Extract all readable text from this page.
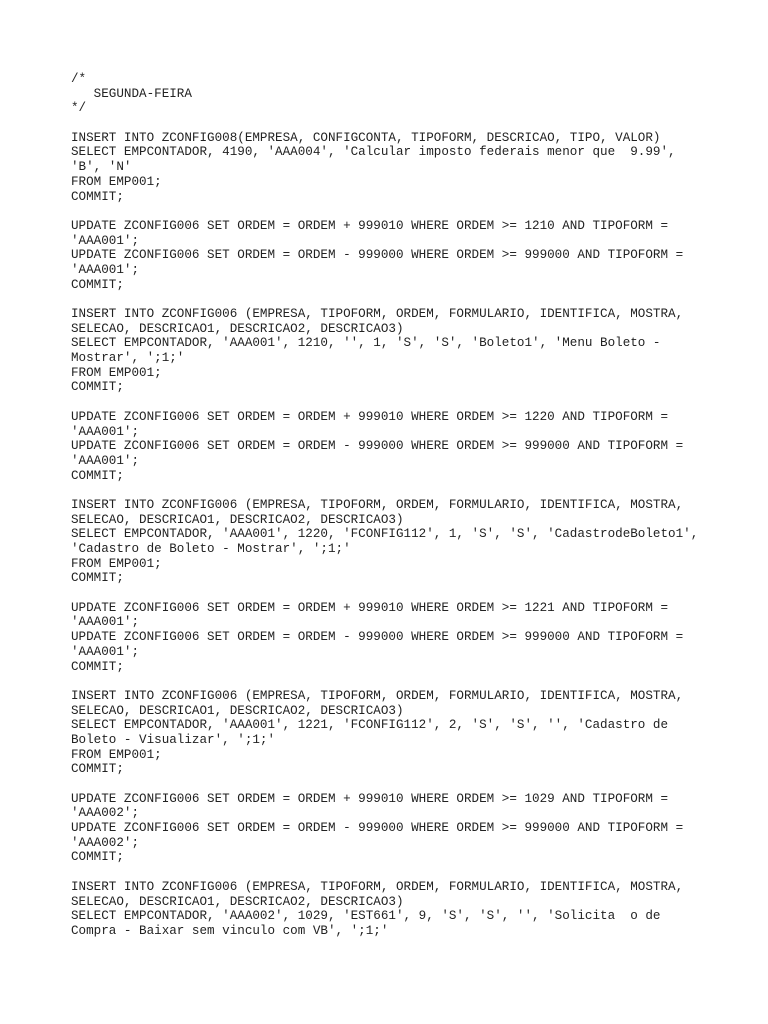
/*
SEGUNDA-FEIRA
*/
INSERT INTO ZCONFIG008(EMPRESA, CONFIGCONTA, TIPOFORM, DESCRICAO, TIPO, VALOR)
SELECT EMPCONTADOR, 4190, 'AAA004', 'Calcular imposto federais menor que  9.99',
'B', 'N'
FROM EMP001;
COMMIT;
UPDATE ZCONFIG006 SET ORDEM = ORDEM + 999010 WHERE ORDEM >= 1210 AND TIPOFORM =
'AAA001';
UPDATE ZCONFIG006 SET ORDEM = ORDEM - 999000 WHERE ORDEM >= 999000 AND TIPOFORM =
'AAA001';
COMMIT;
INSERT INTO ZCONFIG006 (EMPRESA, TIPOFORM, ORDEM, FORMULARIO, IDENTIFICA, MOSTRA,
SELECAO, DESCRICAO1, DESCRICAO2, DESCRICAO3)
SELECT EMPCONTADOR, 'AAA001', 1210, '', 1, 'S', 'S', 'Boleto1', 'Menu Boleto -
Mostrar', ';1;'
FROM EMP001;
COMMIT;
UPDATE ZCONFIG006 SET ORDEM = ORDEM + 999010 WHERE ORDEM >= 1220 AND TIPOFORM =
'AAA001';
UPDATE ZCONFIG006 SET ORDEM = ORDEM - 999000 WHERE ORDEM >= 999000 AND TIPOFORM =
'AAA001';
COMMIT;
INSERT INTO ZCONFIG006 (EMPRESA, TIPOFORM, ORDEM, FORMULARIO, IDENTIFICA, MOSTRA,
SELECAO, DESCRICAO1, DESCRICAO2, DESCRICAO3)
SELECT EMPCONTADOR, 'AAA001', 1220, 'FCONFIG112', 1, 'S', 'S', 'CadastrodeBoleto1',
'Cadastro de Boleto - Mostrar', ';1;'
FROM EMP001;
COMMIT;
UPDATE ZCONFIG006 SET ORDEM = ORDEM + 999010 WHERE ORDEM >= 1221 AND TIPOFORM =
'AAA001';
UPDATE ZCONFIG006 SET ORDEM = ORDEM - 999000 WHERE ORDEM >= 999000 AND TIPOFORM =
'AAA001';
COMMIT;
INSERT INTO ZCONFIG006 (EMPRESA, TIPOFORM, ORDEM, FORMULARIO, IDENTIFICA, MOSTRA,
SELECAO, DESCRICAO1, DESCRICAO2, DESCRICAO3)
SELECT EMPCONTADOR, 'AAA001', 1221, 'FCONFIG112', 2, 'S', 'S', '', 'Cadastro de
Boleto - Visualizar', ';1;'
FROM EMP001;
COMMIT;
UPDATE ZCONFIG006 SET ORDEM = ORDEM + 999010 WHERE ORDEM >= 1029 AND TIPOFORM =
'AAA002';
UPDATE ZCONFIG006 SET ORDEM = ORDEM - 999000 WHERE ORDEM >= 999000 AND TIPOFORM =
'AAA002';
COMMIT;
INSERT INTO ZCONFIG006 (EMPRESA, TIPOFORM, ORDEM, FORMULARIO, IDENTIFICA, MOSTRA,
SELECAO, DESCRICAO1, DESCRICAO2, DESCRICAO3)
SELECT EMPCONTADOR, 'AAA002', 1029, 'EST661', 9, 'S', 'S', '', 'Solicita  o de
Compra - Baixar sem vinculo com VB', ';1;'
